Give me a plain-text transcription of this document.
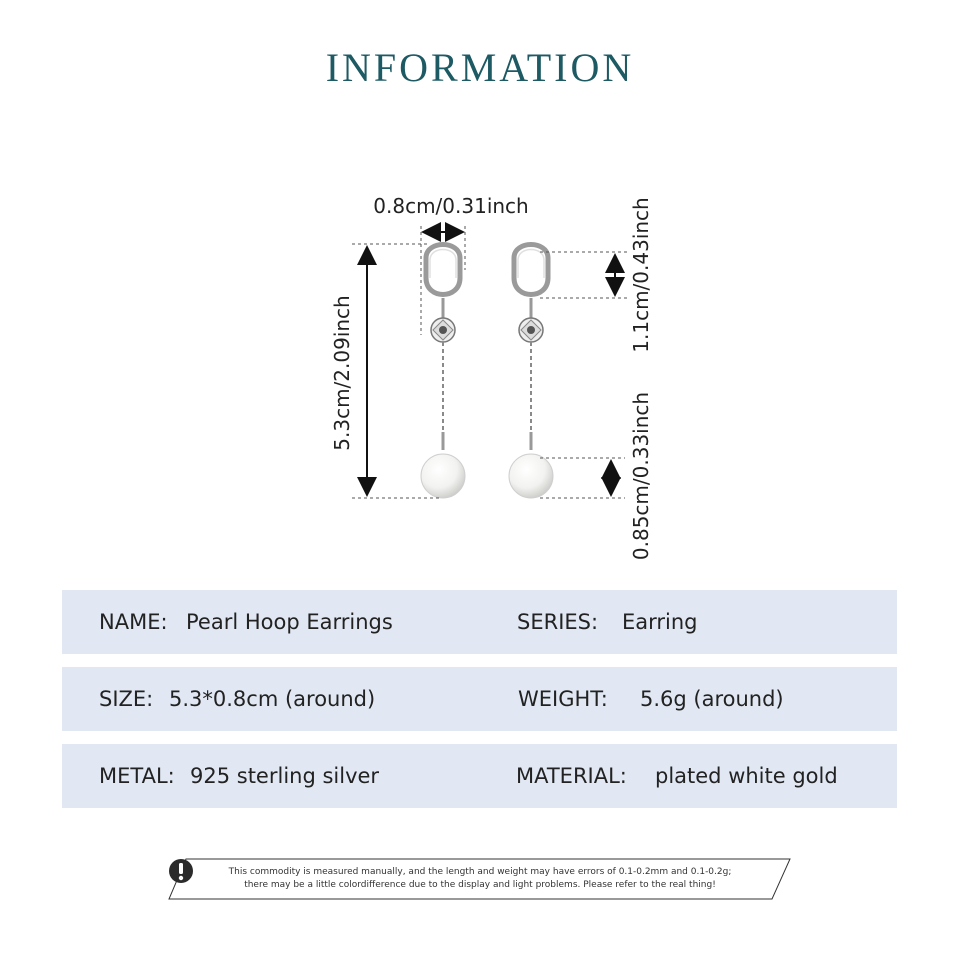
INFORMATION
0.8cm/0.31inch
5.3cm/2.09inch
1.1cm/0.43inch
0.85cm/0.33inch
NAME: Pearl Hoop Earrings	SERIES: Earring
SIZE: 5.3*0.8cm (around)	WEIGHT: 5.6g (around)
METAL: 925 sterling silver	MATERIAL: plated white gold
This commodity is measured manually, and the length and weight may have errors of 0.1-0.2mm and 0.1-0.2g;
there may be a little colordifference due to the display and light problems. Please refer to the real thing!
